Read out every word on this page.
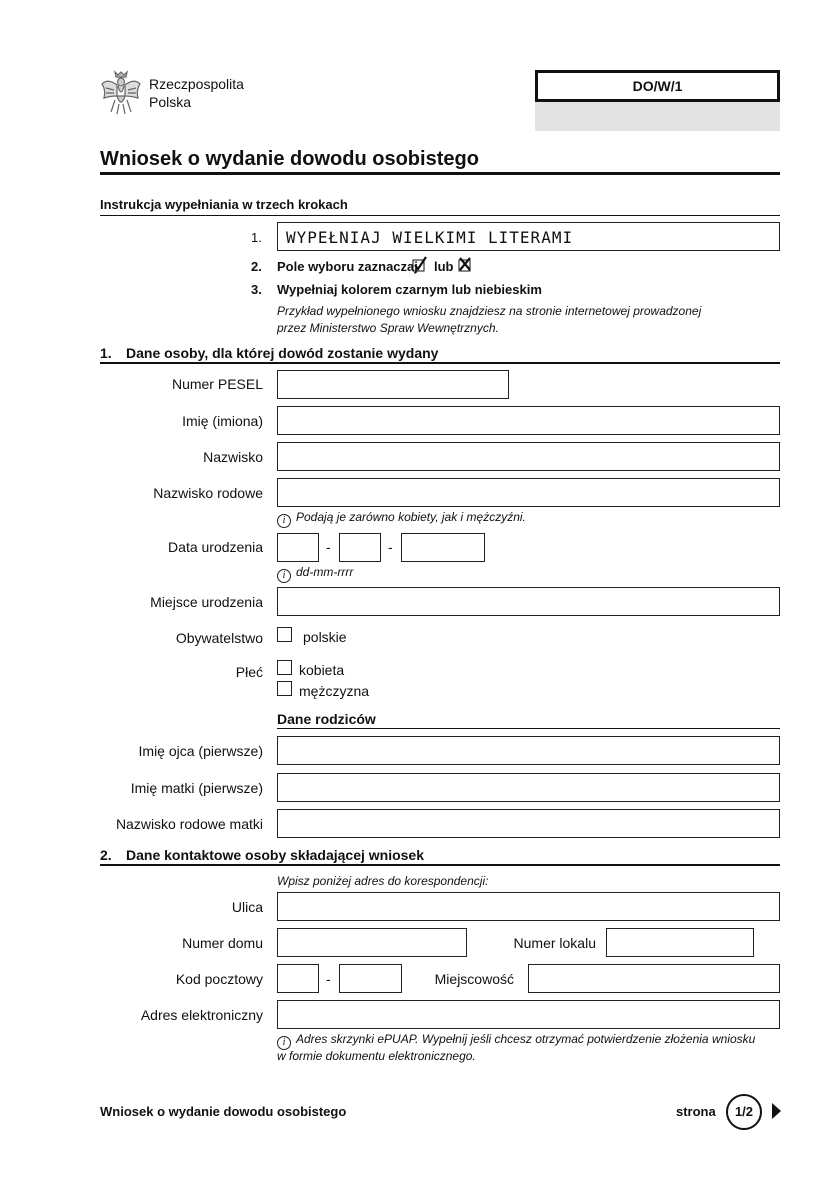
Rzeczpospolita
Polska
DO/W/1
Wniosek o wydanie dowodu osobistego
Instrukcja wypełniania w trzech krokach
1. WYPEŁNIAJ WIELKIMI LITERAMI
2. Pole wyboru zaznaczaj lub
3. Wypełniaj kolorem czarnym lub niebieskim
Przykład wypełnionego wniosku znajdziesz na stronie internetowej prowadzonej
przez Ministerstwo Spraw Wewnętrznych.
1. Dane osoby, dla której dowód zostanie wydany
Numer PESEL
Imię (imiona)
Nazwisko
Nazwisko rodowe
i Podają je zarówno kobiety, jak i mężczyźni.
Data urodzenia	-	-
i dd-mm-rrrr
Miejsce urodzenia
Obywatelstwo	polskie
Płeć	kobieta
mężczyzna
Dane rodziców
Imię ojca (pierwsze)
Imię matki (pierwsze)
Nazwisko rodowe matki
2. Dane kontaktowe osoby składającej wniosek
Wpisz poniżej adres do korespondencji:
Ulica
Numer domu	Numer lokalu
Kod pocztowy	-	Miejscowość
Adres elektroniczny
i Adres skrzynki ePUAP. Wypełnij jeśli chcesz otrzymać potwierdzenie złożenia wniosku
w formie dokumentu elektronicznego.
Wniosek o wydanie dowodu osobistego	strona	1/2
